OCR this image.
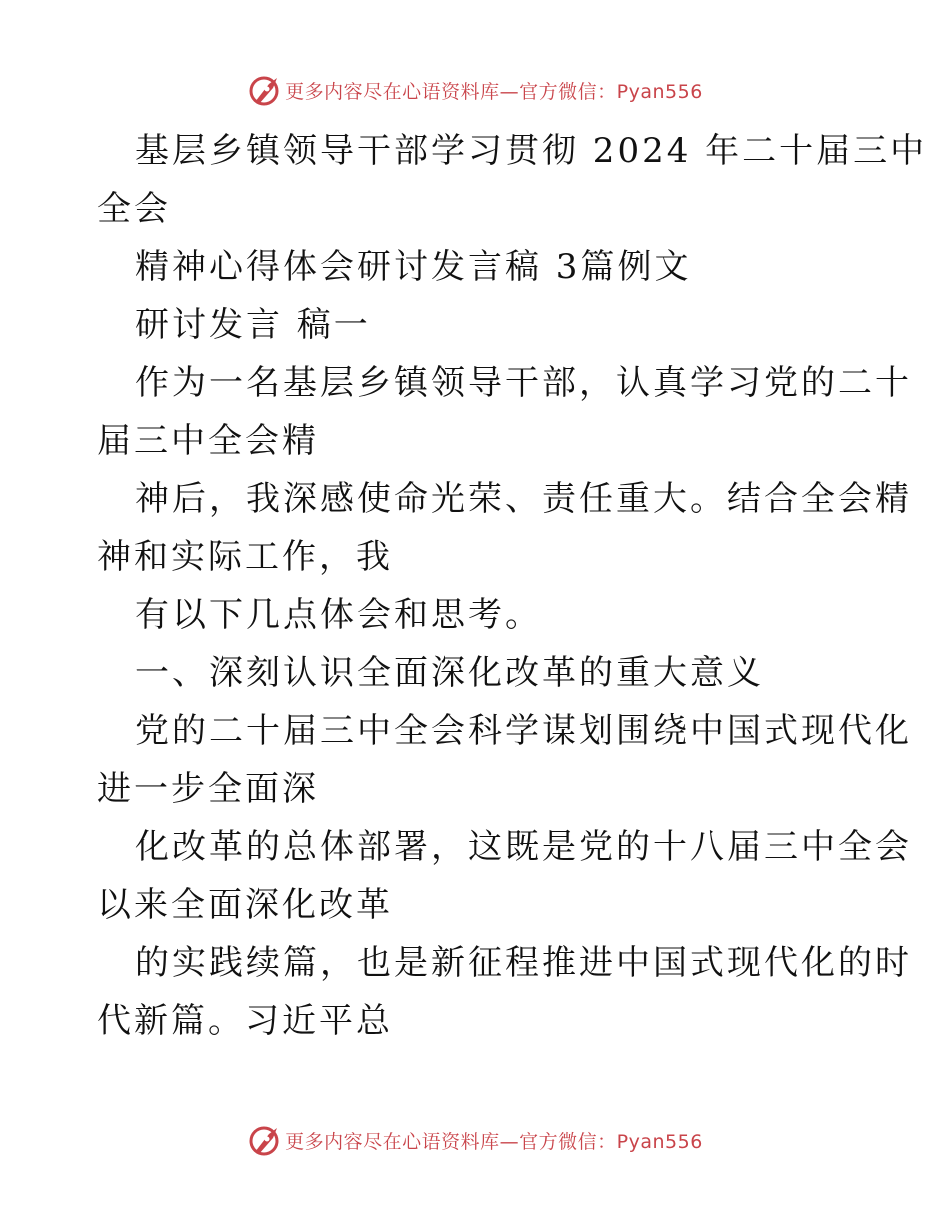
更多内容尽在心语资料库—官方微信：Pyan556
基层乡镇领导干部学习贯彻 2024 年二十届三中
全会
精神心得体会研讨发言稿 3篇例文
研讨发言 稿一
作为一名基层乡镇领导干部，认真学习党的二十
届三中全会精
神后，我深感使命光荣、责任重大。结合全会精
神和实际工作，我
有以下几点体会和思考。
一、深刻认识全面深化改革的重大意义
党的二十届三中全会科学谋划围绕中国式现代化
进一步全面深
化改革的总体部署，这既是党的十八届三中全会
以来全面深化改革
的实践续篇，也是新征程推进中国式现代化的时
代新篇。习近平总
更多内容尽在心语资料库—官方微信：Pyan556
